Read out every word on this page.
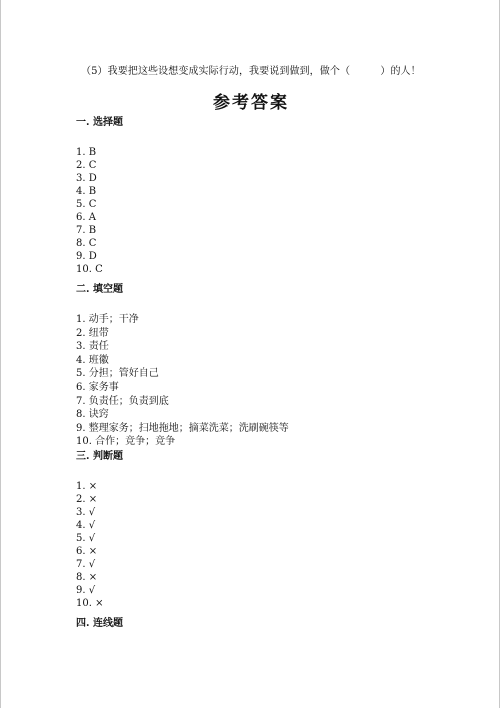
（5）我要把这些设想变成实际行动，我要说到做到，做个（　　　）的人！
参考答案
一. 选择题
1. B
2. C
3. D
4. B
5. C
6. A
7. B
8. C
9. D
10. C
二. 填空题
1. 动手；干净
2. 纽带
3. 责任
4. 班徽
5. 分担；管好自己
6. 家务事
7. 负责任；负责到底
8. 诀窍
9. 整理家务；扫地拖地；摘菜洗菜；洗刷碗筷等
10. 合作；竞争；竞争
三. 判断题
1. ×
2. ×
3. √
4. √
5. √
6. ×
7. √
8. ×
9. √
10. ×
四. 连线题
